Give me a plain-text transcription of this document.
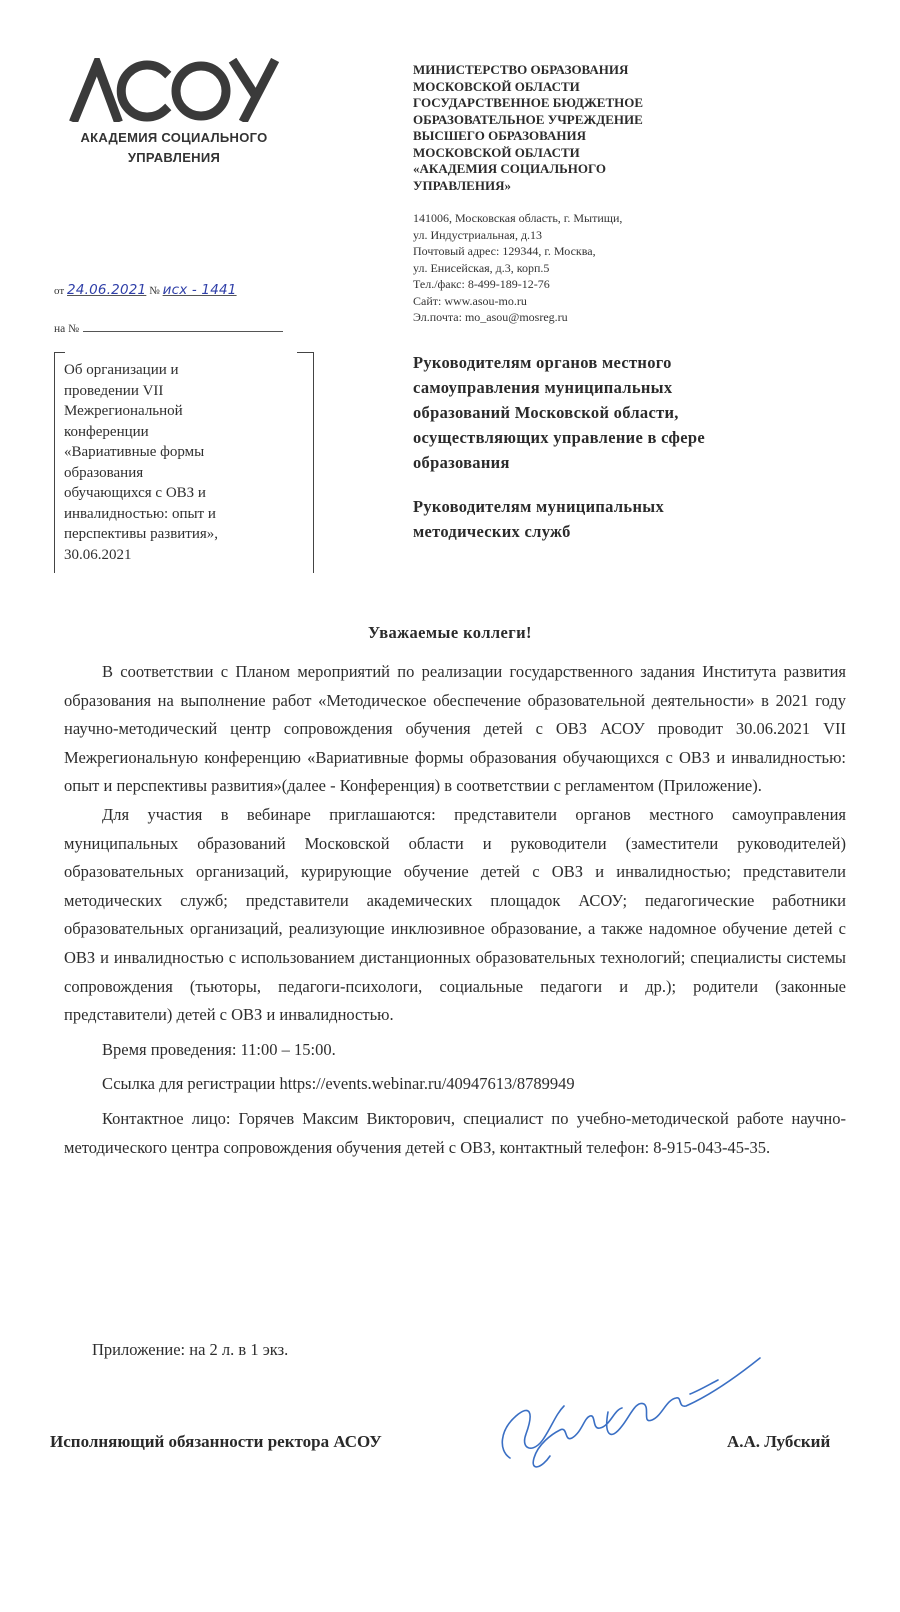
АКАДЕМИЯ СОЦИАЛЬНОГО
УПРАВЛЕНИЯ
МИНИСТЕРСТВО ОБРАЗОВАНИЯ
МОСКОВСКОЙ ОБЛАСТИ
ГОСУДАРСТВЕННОЕ БЮДЖЕТНОЕ
ОБРАЗОВАТЕЛЬНОЕ УЧРЕЖДЕНИЕ
ВЫСШЕГО ОБРАЗОВАНИЯ
МОСКОВСКОЙ ОБЛАСТИ
«АКАДЕМИЯ СОЦИАЛЬНОГО
УПРАВЛЕНИЯ»
141006, Московская область, г. Мытищи,
ул. Индустриальная, д.13
Почтовый адрес: 129344, г. Москва,
ул. Енисейская, д.3, корп.5
Тел./факс: 8-499-189-12-76
Сайт: www.asou-mo.ru
Эл.почта: mo_asou@mosreg.ru
от 24.06.2021 № исх - 1441
на №
Об организации и
проведении VII
Межрегиональной
конференции
«Вариативные формы
образования
обучающихся с ОВЗ и
инвалидностью: опыт и
перспективы развития»,
30.06.2021
Руководителям органов местного
самоуправления муниципальных
образований Московской области,
осуществляющих управление в сфере
образования
Руководителям муниципальных
методических служб
Уважаемые коллеги!

В соответствии с Планом мероприятий по реализации государственного задания Института развития образования на выполнение работ «Методическое обеспечение образовательной деятельности» в 2021 году научно-методический центр сопровождения обучения детей с ОВЗ АСОУ проводит 30.06.2021 VII Межрегиональную конференцию «Вариативные формы образования обучающихся с ОВЗ и инвалидностью: опыт и перспективы развития»(далее - Конференция) в соответствии с регламентом (Приложение).

Для участия в вебинаре приглашаются: представители органов местного самоуправления муниципальных образований Московской области и руководители (заместители руководителей) образовательных организаций, курирующие обучение детей с ОВЗ и инвалидностью; представители методических служб; представители академических площадок АСОУ; педагогические работники образовательных организаций, реализующие инклюзивное образование, а также надомное обучение детей с ОВЗ и инвалидностью с использованием дистанционных образовательных технологий; специалисты системы сопровождения (тьюторы, педагоги-психологи, социальные педагоги и др.); родители (законные представители) детей с ОВЗ и инвалидностью.

Время проведения: 11:00 – 15:00.

Ссылка для регистрации https://events.webinar.ru/40947613/8789949

Контактное лицо: Горячев Максим Викторович, специалист по учебно-методической работе научно-методического центра сопровождения обучения детей с ОВЗ, контактный телефон: 8-915-043-45-35.

Приложение: на 2 л. в 1 экз.
Исполняющий обязанности ректора АСОУ	А.А. Лубский
